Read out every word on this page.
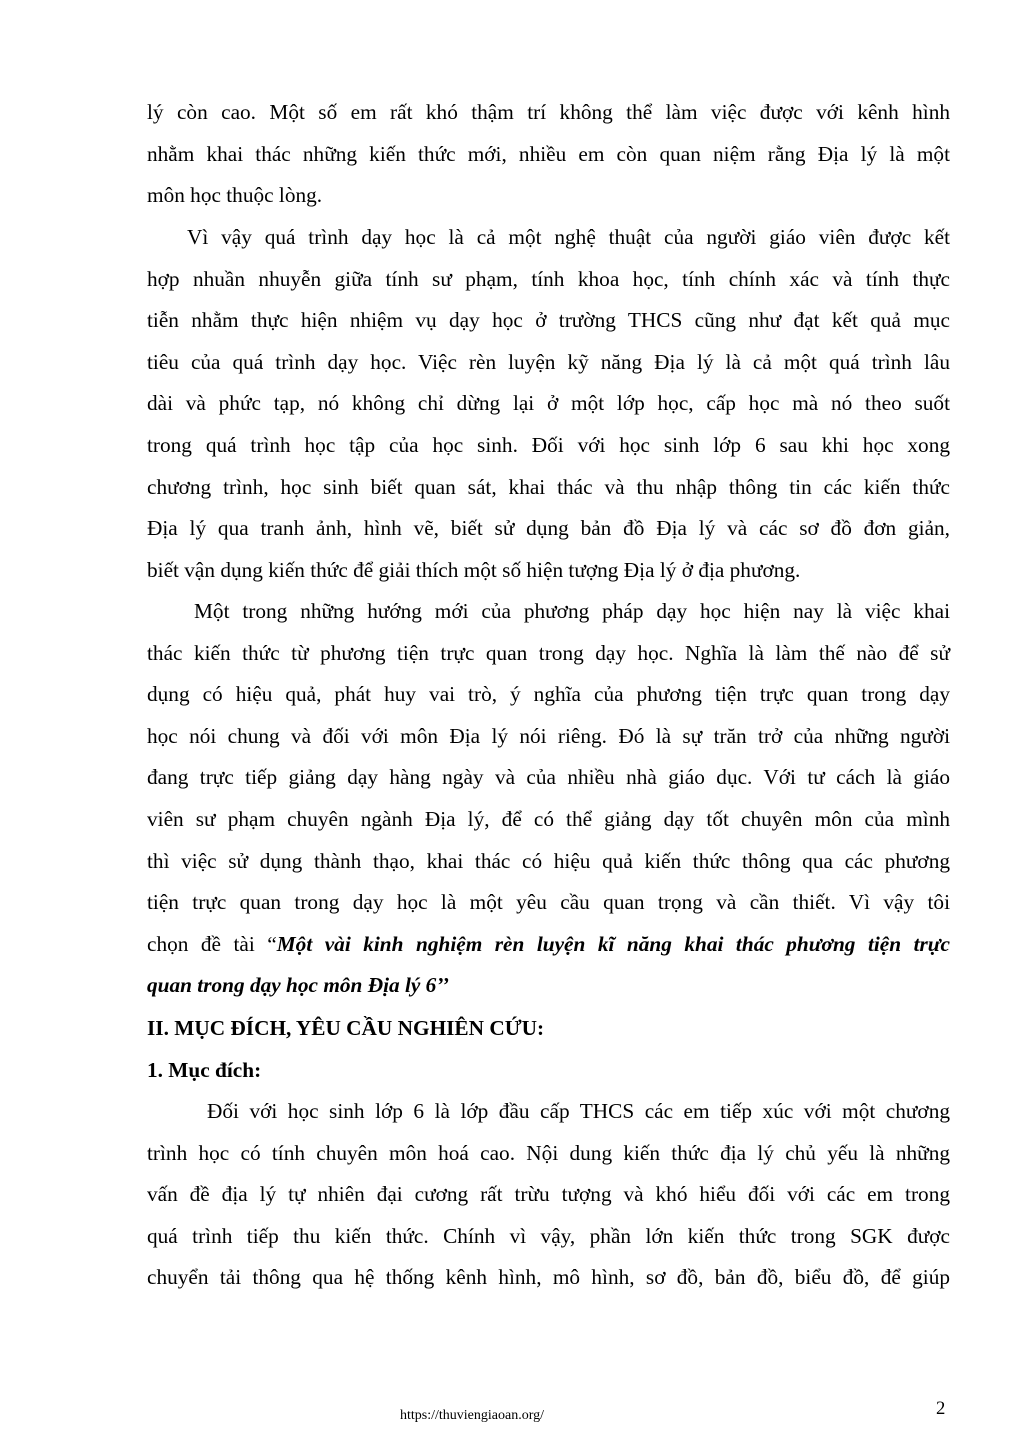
lý còn cao. Một số em rất khó thậm trí không thể làm việc được với kênh hình
nhằm khai thác những kiến thức mới, nhiều em còn quan niệm rằng Địa lý là một
môn học thuộc lòng.
Vì vậy quá trình dạy học là cả một nghệ thuật của người giáo viên được kết
hợp nhuần nhuyễn giữa tính sư phạm, tính khoa học, tính chính xác và tính thực
tiễn nhằm thực hiện nhiệm vụ dạy học ở trường THCS cũng như đạt kết quả mục
tiêu của quá trình dạy học. Việc rèn luyện kỹ năng Địa lý là cả một quá trình lâu
dài và phức tạp, nó không chỉ dừng lại ở một lớp học, cấp học mà nó theo suốt
trong quá trình học tập của học sinh. Đối với học sinh lớp 6 sau khi học xong
chương trình, học sinh biết quan sát, khai thác và thu nhập thông tin các kiến thức
Địa lý qua tranh ảnh, hình vẽ, biết sử dụng bản đồ Địa lý và các sơ đồ đơn giản,
biết vận dụng kiến thức để giải thích một số hiện tượng Địa lý ở địa phương.
Một trong những hướng mới của phương pháp dạy học hiện nay là việc khai
thác kiến thức từ phương tiện trực quan trong dạy học. Nghĩa là làm thế nào để sử
dụng có hiệu quả, phát huy vai trò, ý nghĩa của phương tiện trực quan trong dạy
học nói chung và đối với môn Địa lý nói riêng. Đó là sự trăn trở của những người
đang trực tiếp giảng dạy hàng ngày và của nhiều nhà giáo dục. Với tư cách là giáo
viên sư phạm chuyên ngành Địa lý, để có thể giảng dạy tốt chuyên môn của mình
thì việc sử dụng thành thạo, khai thác có hiệu quả kiến thức thông qua các phương
tiện trực quan trong dạy học là một yêu cầu quan trọng và cần thiết. Vì vậy tôi
chọn đề tài “Một vài kinh nghiệm rèn luyện kĩ năng khai thác phương tiện trực
quan trong dạy học môn Địa lý 6’’
II. MỤC ĐÍCH, YÊU CẦU NGHIÊN CỨU:
1. Mục đích:
Đối với học sinh lớp 6 là lớp đầu cấp THCS các em tiếp xúc với một chương
trình học có tính chuyên môn hoá cao. Nội dung kiến thức địa lý chủ yếu là những
vấn đề địa lý tự nhiên đại cương rất trừu tượng và khó hiểu đối với các em trong
quá trình tiếp thu kiến thức. Chính vì vậy, phần lớn kiến thức trong SGK được
chuyển tải thông qua hệ thống kênh hình, mô hình, sơ đồ, bản đồ, biểu đồ, để giúp
https://thuviengiaoan.org/	2
